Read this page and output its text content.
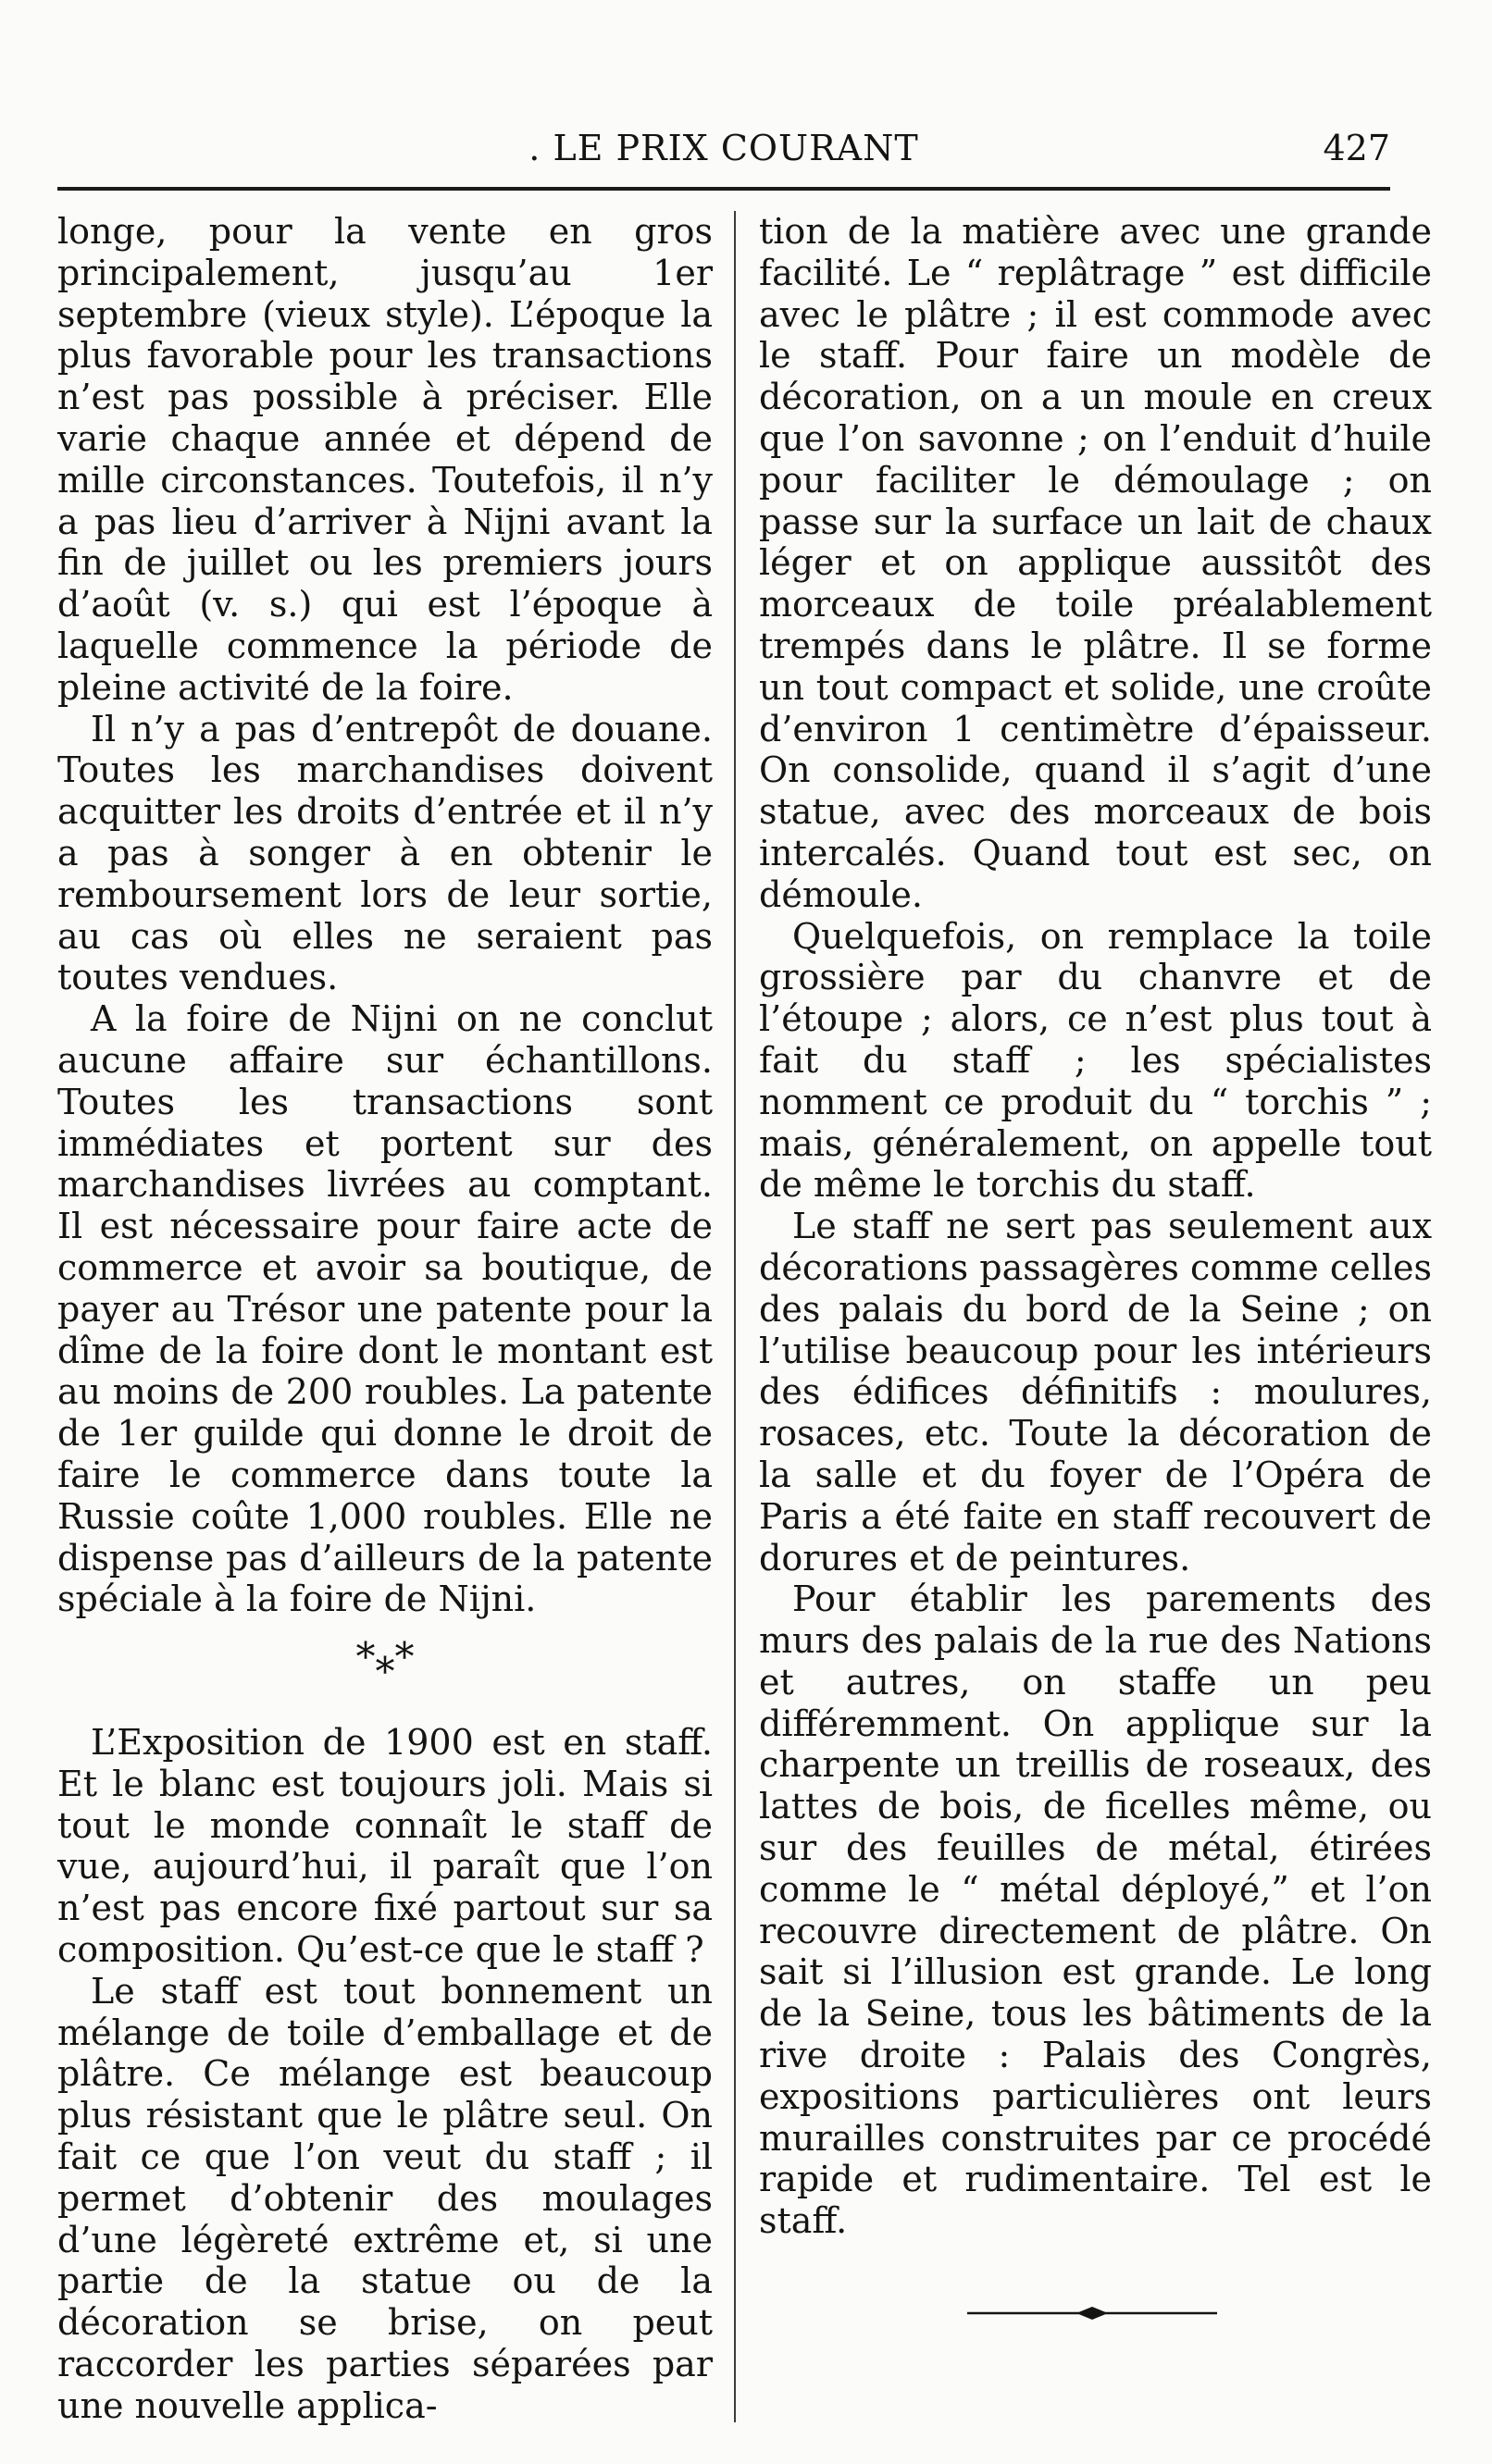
. LE PRIX COURANT	427

longe, pour la vente en gros principalement, jusqu’au 1er septembre (vieux style). L’époque la plus favorable pour les transactions n’est pas possible à préciser. Elle varie chaque année et dépend de mille circonstances. Toutefois, il n’y a pas lieu d’arriver à Nijni avant la fin de juillet ou les premiers jours d’août (v. s.) qui est l’époque à laquelle commence la période de pleine activité de la foire.

Il n’y a pas d’entrepôt de douane. Toutes les marchandises doivent acquitter les droits d’entrée et il n’y a pas à songer à en obtenir le remboursement lors de leur sortie, au cas où elles ne seraient pas toutes vendues.

A la foire de Nijni on ne conclut aucune affaire sur échantillons. Toutes les transactions sont immédiates et portent sur des marchandises livrées au comptant. Il est nécessaire pour faire acte de commerce et avoir sa boutique, de payer au Trésor une patente pour la dîme de la foire dont le montant est au moins de 200 roubles. La patente de 1er guilde qui donne le droit de faire le commerce dans toute la Russie coûte 1,000 roubles. Elle ne dispense pas d’ailleurs de la patente spéciale à la foire de Nijni.

***

L’Exposition de 1900 est en staff. Et le blanc est toujours joli. Mais si tout le monde connaît le staff de vue, aujourd’hui, il paraît que l’on n’est pas encore fixé partout sur sa composition. Qu’est-ce que le staff ?

Le staff est tout bonnement un mélange de toile d’emballage et de plâtre. Ce mélange est beaucoup plus résistant que le plâtre seul. On fait ce que l’on veut du staff ; il permet d’obtenir des moulages d’une légèreté extrême et, si une partie de la statue ou de la décoration se brise, on peut raccorder les parties séparées par une nouvelle applica-

tion de la matière avec une grande facilité. Le “ replâtrage ” est difficile avec le plâtre ; il est commode avec le staff. Pour faire un modèle de décoration, on a un moule en creux que l’on savonne ; on l’enduit d’huile pour faciliter le démoulage ; on passe sur la surface un lait de chaux léger et on applique aussitôt des morceaux de toile préalablement trempés dans le plâtre. Il se forme un tout compact et solide, une croûte d’environ 1 centimètre d’épaisseur. On consolide, quand il s’agit d’une statue, avec des morceaux de bois intercalés. Quand tout est sec, on démoule.

Quelquefois, on remplace la toile grossière par du chanvre et de l’étoupe ; alors, ce n’est plus tout à fait du staff ; les spécialistes nomment ce produit du “ torchis ” ; mais, généralement, on appelle tout de même le torchis du staff.

Le staff ne sert pas seulement aux décorations passagères comme celles des palais du bord de la Seine ; on l’utilise beaucoup pour les intérieurs des édifices définitifs : moulures, rosaces, etc. Toute la décoration de la salle et du foyer de l’Opéra de Paris a été faite en staff recouvert de dorures et de peintures.

Pour établir les parements des murs des palais de la rue des Nations et autres, on staffe un peu différemment. On applique sur la charpente un treillis de roseaux, des lattes de bois, de ficelles même, ou sur des feuilles de métal, étirées comme le “ métal déployé,” et l’on recouvre directement de plâtre. On sait si l’illusion est grande. Le long de la Seine, tous les bâtiments de la rive droite : Palais des Congrès, expositions particulières ont leurs murailles construites par ce procédé rapide et rudimentaire. Tel est le staff.
